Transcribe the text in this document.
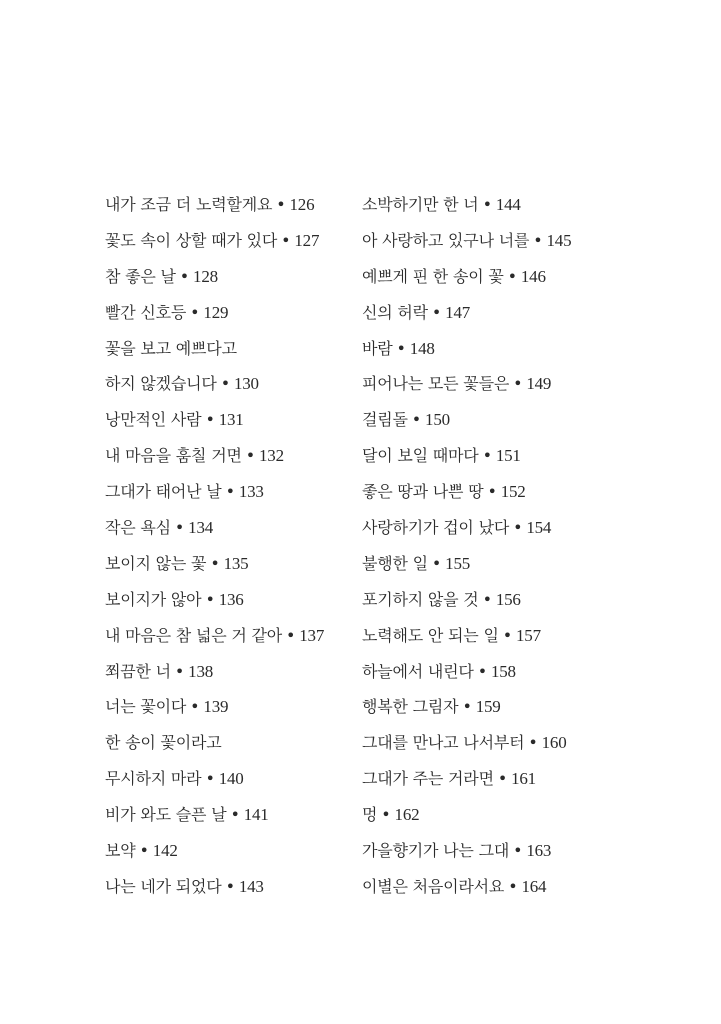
내가 조금 더 노력할게요 • 126
꽃도 속이 상할 때가 있다 • 127
참 좋은 날 • 128
빨간 신호등 • 129
꽃을 보고 예쁘다고
하지 않겠습니다 • 130
낭만적인 사람 • 131
내 마음을 훔칠 거면 • 132
그대가 태어난 날 • 133
작은 욕심 • 134
보이지 않는 꽃 • 135
보이지가 않아 • 136
내 마음은 참 넓은 거 같아 • 137
쬐끔한 너 • 138
너는 꽃이다 • 139
한 송이 꽃이라고
무시하지 마라 • 140
비가 와도 슬픈 날 • 141
보약 • 142
나는 네가 되었다 • 143
소박하기만 한 너 • 144
아 사랑하고 있구나 너를 • 145
예쁘게 핀 한 송이 꽃 • 146
신의 허락 • 147
바람 • 148
피어나는 모든 꽃들은 • 149
걸림돌 • 150
달이 보일 때마다 • 151
좋은 땅과 나쁜 땅 • 152
사랑하기가 겁이 났다 • 154
불행한 일 • 155
포기하지 않을 것 • 156
노력해도 안 되는 일 • 157
하늘에서 내린다 • 158
행복한 그림자 • 159
그대를 만나고 나서부터 • 160
그대가 주는 거라면 • 161
멍 • 162
가을향기가 나는 그대 • 163
이별은 처음이라서요 • 164
